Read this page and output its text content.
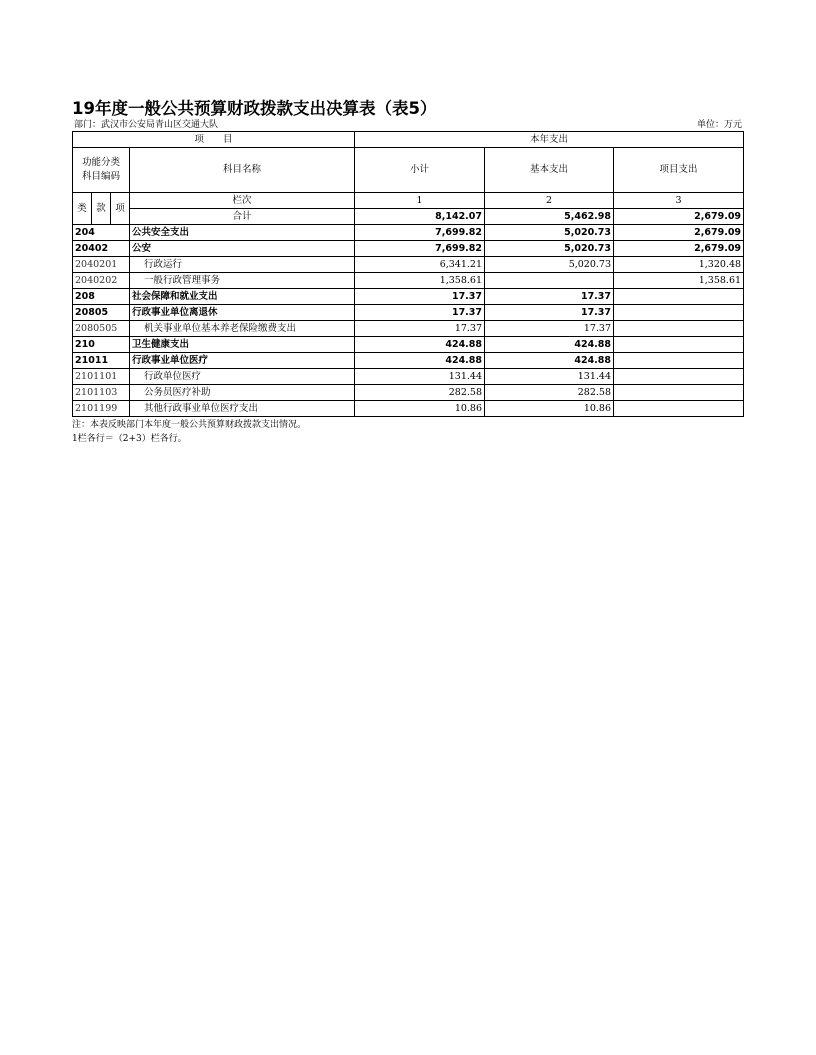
19年度一般公共预算财政拨款支出决算表（表5）
部门：武汉市公安局青山区交通大队	单位：万元
项　　目				本年支出		
功能分类
科目编码			科目名称	小计	基本支出	项目支出
类	款	项	栏次	1	2	3
			合计	8,142.07	5,462.98	2,679.09
204			公共安全支出	7,699.82	5,020.73	2,679.09
20402			公安	7,699.82	5,020.73	2,679.09
2040201			行政运行	6,341.21	5,020.73	1,320.48
2040202			一般行政管理事务	1,358.61		1,358.61
208			社会保障和就业支出	17.37	17.37	
20805			行政事业单位离退休	17.37	17.37	
2080505			机关事业单位基本养老保险缴费支出	17.37	17.37	
210			卫生健康支出	424.88	424.88	
21011			行政事业单位医疗	424.88	424.88	
2101101			行政单位医疗	131.44	131.44	
2101103			公务员医疗补助	282.58	282.58	
2101199			其他行政事业单位医疗支出	10.86	10.86	
注：本表反映部门本年度一般公共预算财政拨款支出情况。
1栏各行＝（2+3）栏各行。
